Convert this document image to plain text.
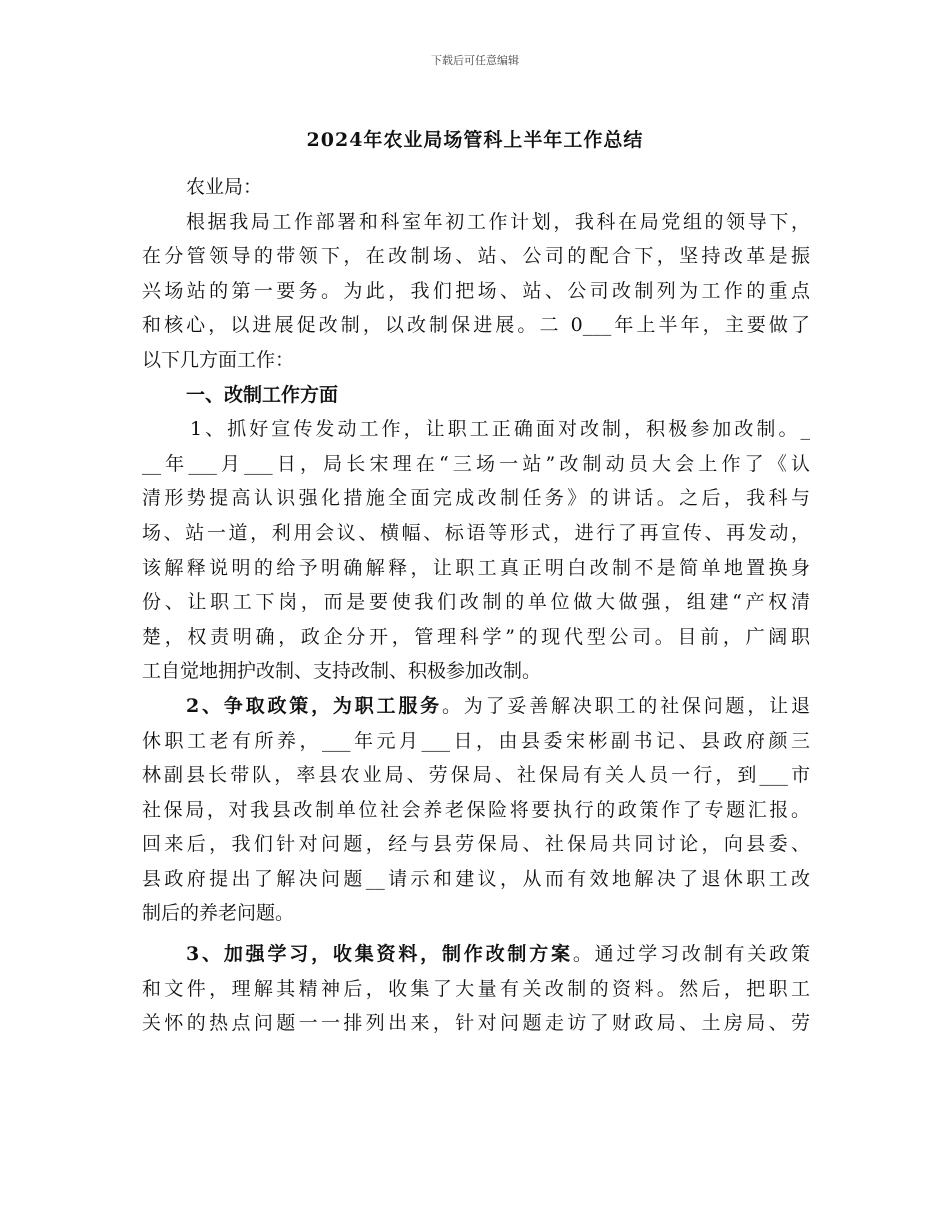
下载后可任意编辑
2024年农业局场管科上半年工作总结
农业局：
根据我局工作部署和科室年初工作计划，我科在局党组的领导下，
在分管领导的带领下，在改制场、站、公司的配合下，坚持改革是振
兴场站的第一要务。为此，我们把场、站、公司改制列为工作的重点
和核心，以进展促改制，以改制保进展。二 0___年上半年，主要做了
以下几方面工作：
一、改制工作方面
1、抓好宣传发动工作，让职工正确面对改制，积极参加改制。_
__年___月___日，局长宋理在“三场一站”改制动员大会上作了《认
清形势提高认识强化措施全面完成改制任务》的讲话。之后，我科与
场、站一道，利用会议、横幅、标语等形式，进行了再宣传、再发动，
该解释说明的给予明确解释，让职工真正明白改制不是简单地置换身
份、让职工下岗，而是要使我们改制的单位做大做强，组建“产权清
楚，权责明确，政企分开，管理科学”的现代型公司。目前，广阔职
工自觉地拥护改制、支持改制、积极参加改制。
2、争取政策，为职工服务。为了妥善解决职工的社保问题，让退
休职工老有所养，___年元月___日，由县委宋彬副书记、县政府颜三
林副县长带队，率县农业局、劳保局、社保局有关人员一行，到___市
社保局，对我县改制单位社会养老保险将要执行的政策作了专题汇报。
回来后，我们针对问题，经与县劳保局、社保局共同讨论，向县委、
县政府提出了解决问题__请示和建议，从而有效地解决了退休职工改
制后的养老问题。
3、加强学习，收集资料，制作改制方案。通过学习改制有关政策
和文件，理解其精神后，收集了大量有关改制的资料。然后，把职工
关怀的热点问题一一排列出来，针对问题走访了财政局、土房局、劳
